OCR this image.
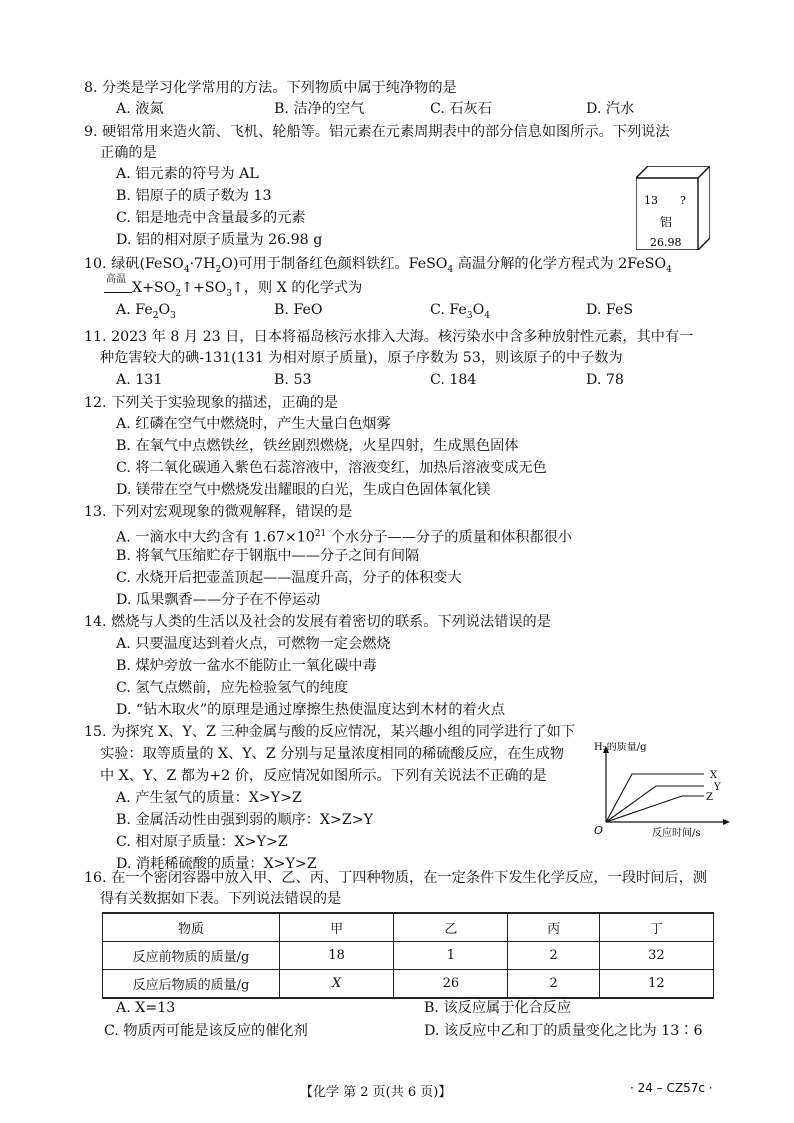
8. 分类是学习化学常用的方法。下列物质中属于纯净物的是
A. 液氮	B. 洁净的空气	C. 石灰石	D. 汽水
9. 硬铝常用来造火箭、飞机、轮船等。铝元素在元素周期表中的部分信息如图所示。下列说法
正确的是
A. 铝元素的符号为 AL
B. 铝原子的质子数为 13
C. 铝是地壳中含量最多的元素
D. 铝的相对原子质量为 26.98 g
13 ?
铝
26.98
10. 绿矾$(FeSO_4\cdot 7H_2O)$可用于制备红色颜料铁红。FeSO$_4$ 高温分解的化学方程式为 2FeSO$_4$
高温
$X+SO_2↑+SO_3↑$，则 X 的化学式为
A. $Fe_2O_3$	B. FeO	C. $Fe_3O_4$	D. FeS
11. 2023 年 8 月 23 日，日本将福岛核污水排入大海。核污染水中含多种放射性元素，其中有一
种危害较大的碘-131(131 为相对原子质量)，原子序数为 53，则该原子的中子数为
A. 131	B. 53	C. 184	D. 78
12. 下列关于实验现象的描述，正确的是
A. 红磷在空气中燃烧时，产生大量白色烟雾
B. 在氧气中点燃铁丝，铁丝剧烈燃烧，火星四射，生成黑色固体
C. 将二氧化碳通入紫色石蕊溶液中，溶液变红，加热后溶液变成无色
D. 镁带在空气中燃烧发出耀眼的白光，生成白色固体氧化镁
13. 下列对宏观现象的微观解释，错误的是
A. 一滴水中大约含有 $1.67\times 10^{21}$ 个水分子——分子的质量和体积都很小
B. 将氧气压缩贮存于钢瓶中——分子之间有间隔
C. 水烧开后把壶盖顶起——温度升高，分子的体积变大
D. 瓜果飘香——分子在不停运动
14. 燃烧与人类的生活以及社会的发展有着密切的联系。下列说法错误的是
A. 只要温度达到着火点，可燃物一定会燃烧
B. 煤炉旁放一盆水不能防止一氧化碳中毒
C. 氢气点燃前，应先检验氢气的纯度
D. “钻木取火”的原理是通过摩擦生热使温度达到木材的着火点
15. 为探究 X、Y、Z 三种金属与酸的反应情况，某兴趣小组的同学进行了如下
实验：取等质量的 X、Y、Z 分别与足量浓度相同的稀硫酸反应，在生成物
中 X、Y、Z 都为+2 价，反应情况如图所示。下列有关说法不正确的是
A. 产生氢气的质量：X>Y>Z
B. 金属活动性由强到弱的顺序：X>Z>Y
C. 相对原子质量：X>Y>Z
D. 消耗稀硫酸的质量：X>Y>Z
H₂的质量/g
反应时间/s
O
X
Y
Z
16. 在一个密闭容器中放入甲、乙、丙、丁四种物质，在一定条件下发生化学反应，一段时间后，测
得有关数据如下表。下列说法错误的是
物质	甲	乙	丙	丁
反应前物质的质量/g	18	1	2	32
反应后物质的质量/g	X	26	2	12
A. X=13	B. 该反应属于化合反应
C. 物质丙可能是该反应的催化剂	D. 该反应中乙和丁的质量变化之比为 13∶6
【化学 第 2 页(共 6 页)】	· 24 – CZ57c ·
